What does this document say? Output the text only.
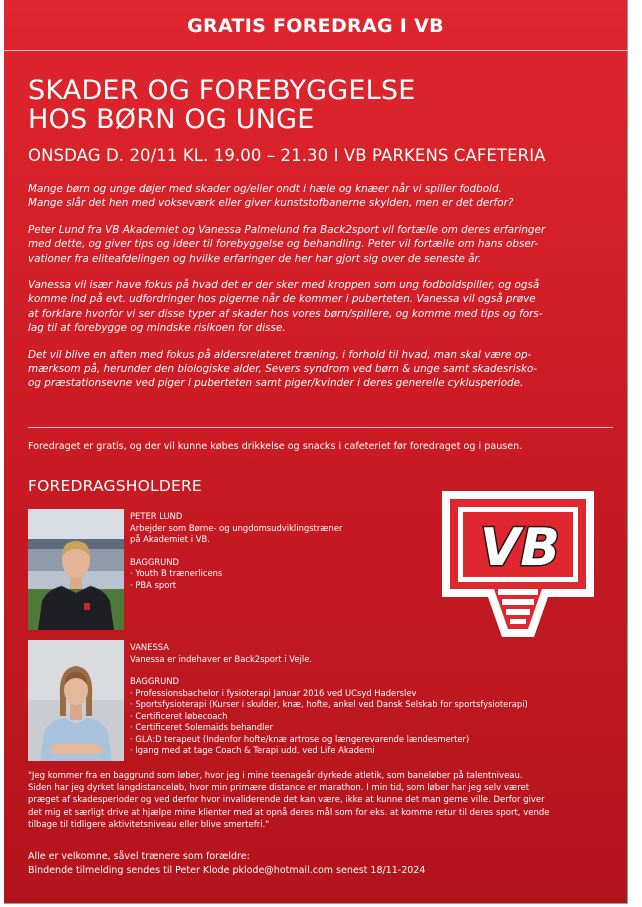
GRATIS FOREDRAG I VB
SKADER OG FOREBYGGELSE
HOS BØRN OG UNGE
ONSDAG D. 20/11 KL. 19.00 – 21.30 I VB PARKENS CAFETERIA

Mange børn og unge døjer med skader og/eller ondt i hæle og knæer når vi spiller fodbold.
Mange slår det hen med vokseværk eller giver kunststofbanerne skylden, men er det derfor?

Peter Lund fra VB Akademiet og Vanessa Palmelund fra Back2sport vil fortælle om deres erfaringer
med dette, og giver tips og ideer til forebyggelse og behandling. Peter vil fortælle om hans obser-
vationer fra eliteafdelingen og hvilke erfaringer de her har gjort sig over de seneste år.

Vanessa vil især have fokus på hvad det er der sker med kroppen som ung fodboldspiller, og også
komme ind på evt. udfordringer hos pigerne når de kommer i puberteten. Vanessa vil også prøve
at forklare hvorfor vi ser disse typer af skader hos vores børn/spillere, og komme med tips og fors-
lag til at forebygge og mindske risikoen for disse.

Det vil blive en aften med fokus på aldersrelateret træning, i forhold til hvad, man skal være op-
mærksom på, herunder den biologiske alder, Severs syndrom ved børn & unge samt skadesrisko-
og præstationsevne ved piger i puberteten samt piger/kvinder i deres generelle cyklusperiode.

Foredraget er gratis, og der vil kunne købes drikkelse og snacks i cafeteriet før foredraget og i pausen.
FOREDRAGSHOLDERE
PETER LUND
Arbejder som Børne- og ungdomsudviklingstræner
på Akademiet i VB.
BAGGRUND
· Youth B trænerlicens
· PBA sport
VANESSA
Vanessa er indehaver er Back2sport i Vejle.
BAGGRUND
· Professionsbachelor i fysioterapi Januar 2016 ved UCsyd Haderslev
· Sportsfysioterapi (Kurser i skulder, knæ, hofte, ankel ved Dansk Selskab for sportsfysioterapi)
· Certificeret løbecoach
· Certificeret Solemaids behandler
· GLA:D terapeut (Indenfor hofte/knæ artrose og længerevarende lændesmerter)
· Igang med at tage Coach & Terapi udd. ved Life Akademi
VB
"Jeg kommer fra en baggrund som løber, hvor jeg i mine teenageår dyrkede atletik, som baneløber på talentniveau.
Siden har jeg dyrket langdistanceløb, hvor min primære distance er marathon. I min tid, som løber har jeg selv været
præget af skadesperioder og ved derfor hvor invaliderende det kan være, ikke at kunne det man gerne ville. Derfor giver
det mig et særligt drive at hjælpe mine klienter med at opnå deres mål som for eks. at komme retur til deres sport, vende
tilbage til tidligere aktivitetsniveau eller blive smertefri."
Alle er velkomne, såvel trænere som forældre:
Bindende tilmelding sendes til Peter Klode pklode@hotmail.com senest 18/11-2024
